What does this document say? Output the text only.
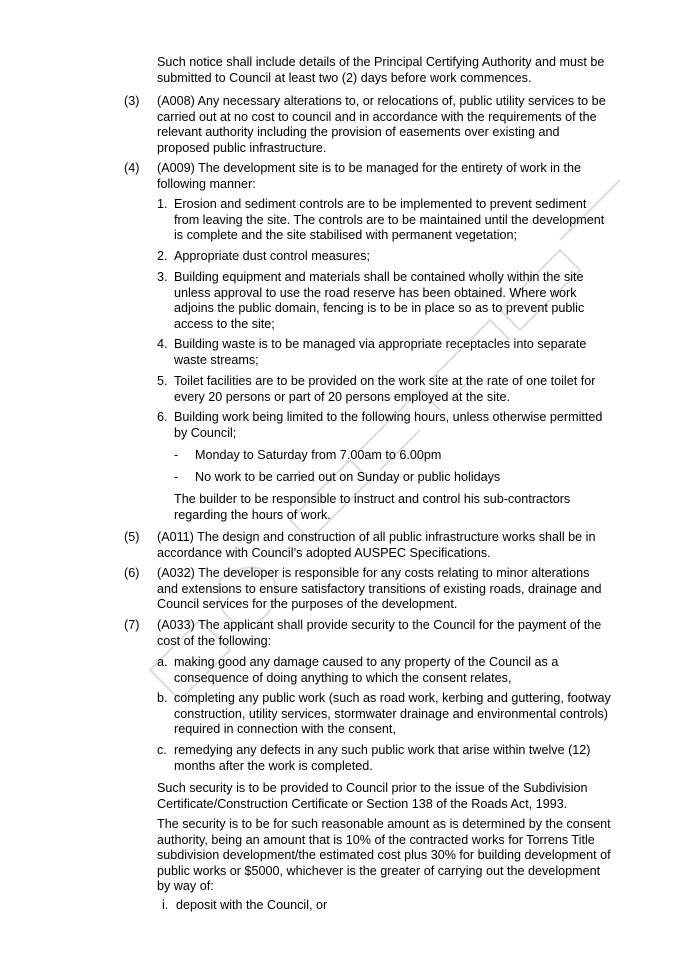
Such notice shall include details of the Principal Certifying Authority and must be submitted to Council at least two (2) days before work commences.
(3) (A008) Any necessary alterations to, or relocations of, public utility services to be carried out at no cost to council and in accordance with the requirements of the relevant authority including the provision of easements over existing and proposed public infrastructure.
(4) (A009) The development site is to be managed for the entirety of work in the following manner:
1. Erosion and sediment controls are to be implemented to prevent sediment from leaving the site. The controls are to be maintained until the development is complete and the site stabilised with permanent vegetation;
2. Appropriate dust control measures;
3. Building equipment and materials shall be contained wholly within the site unless approval to use the road reserve has been obtained. Where work adjoins the public domain, fencing is to be in place so as to prevent public access to the site;
4. Building waste is to be managed via appropriate receptacles into separate waste streams;
5. Toilet facilities are to be provided on the work site at the rate of one toilet for every 20 persons or part of 20 persons employed at the site.
6. Building work being limited to the following hours, unless otherwise permitted by Council;
- Monday to Saturday from 7.00am to 6.00pm
- No work to be carried out on Sunday or public holidays
The builder to be responsible to instruct and control his sub-contractors regarding the hours of work.
(5) (A011) The design and construction of all public infrastructure works shall be in accordance with Council’s adopted AUSPEC Specifications.
(6) (A032) The developer is responsible for any costs relating to minor alterations and extensions to ensure satisfactory transitions of existing roads, drainage and Council services for the purposes of the development.
(7) (A033) The applicant shall provide security to the Council for the payment of the cost of the following:
a. making good any damage caused to any property of the Council as a consequence of doing anything to which the consent relates,
b. completing any public work (such as road work, kerbing and guttering, footway construction, utility services, stormwater drainage and environmental controls) required in connection with the consent,
c. remedying any defects in any such public work that arise within twelve (12) months after the work is completed.
Such security is to be provided to Council prior to the issue of the Subdivision Certificate/Construction Certificate or Section 138 of the Roads Act, 1993.
The security is to be for such reasonable amount as is determined by the consent authority, being an amount that is 10% of the contracted works for Torrens Title subdivision development/the estimated cost plus 30% for building development of public works or $5000, whichever is the greater of carrying out the development by way of:
i. deposit with the Council, or
